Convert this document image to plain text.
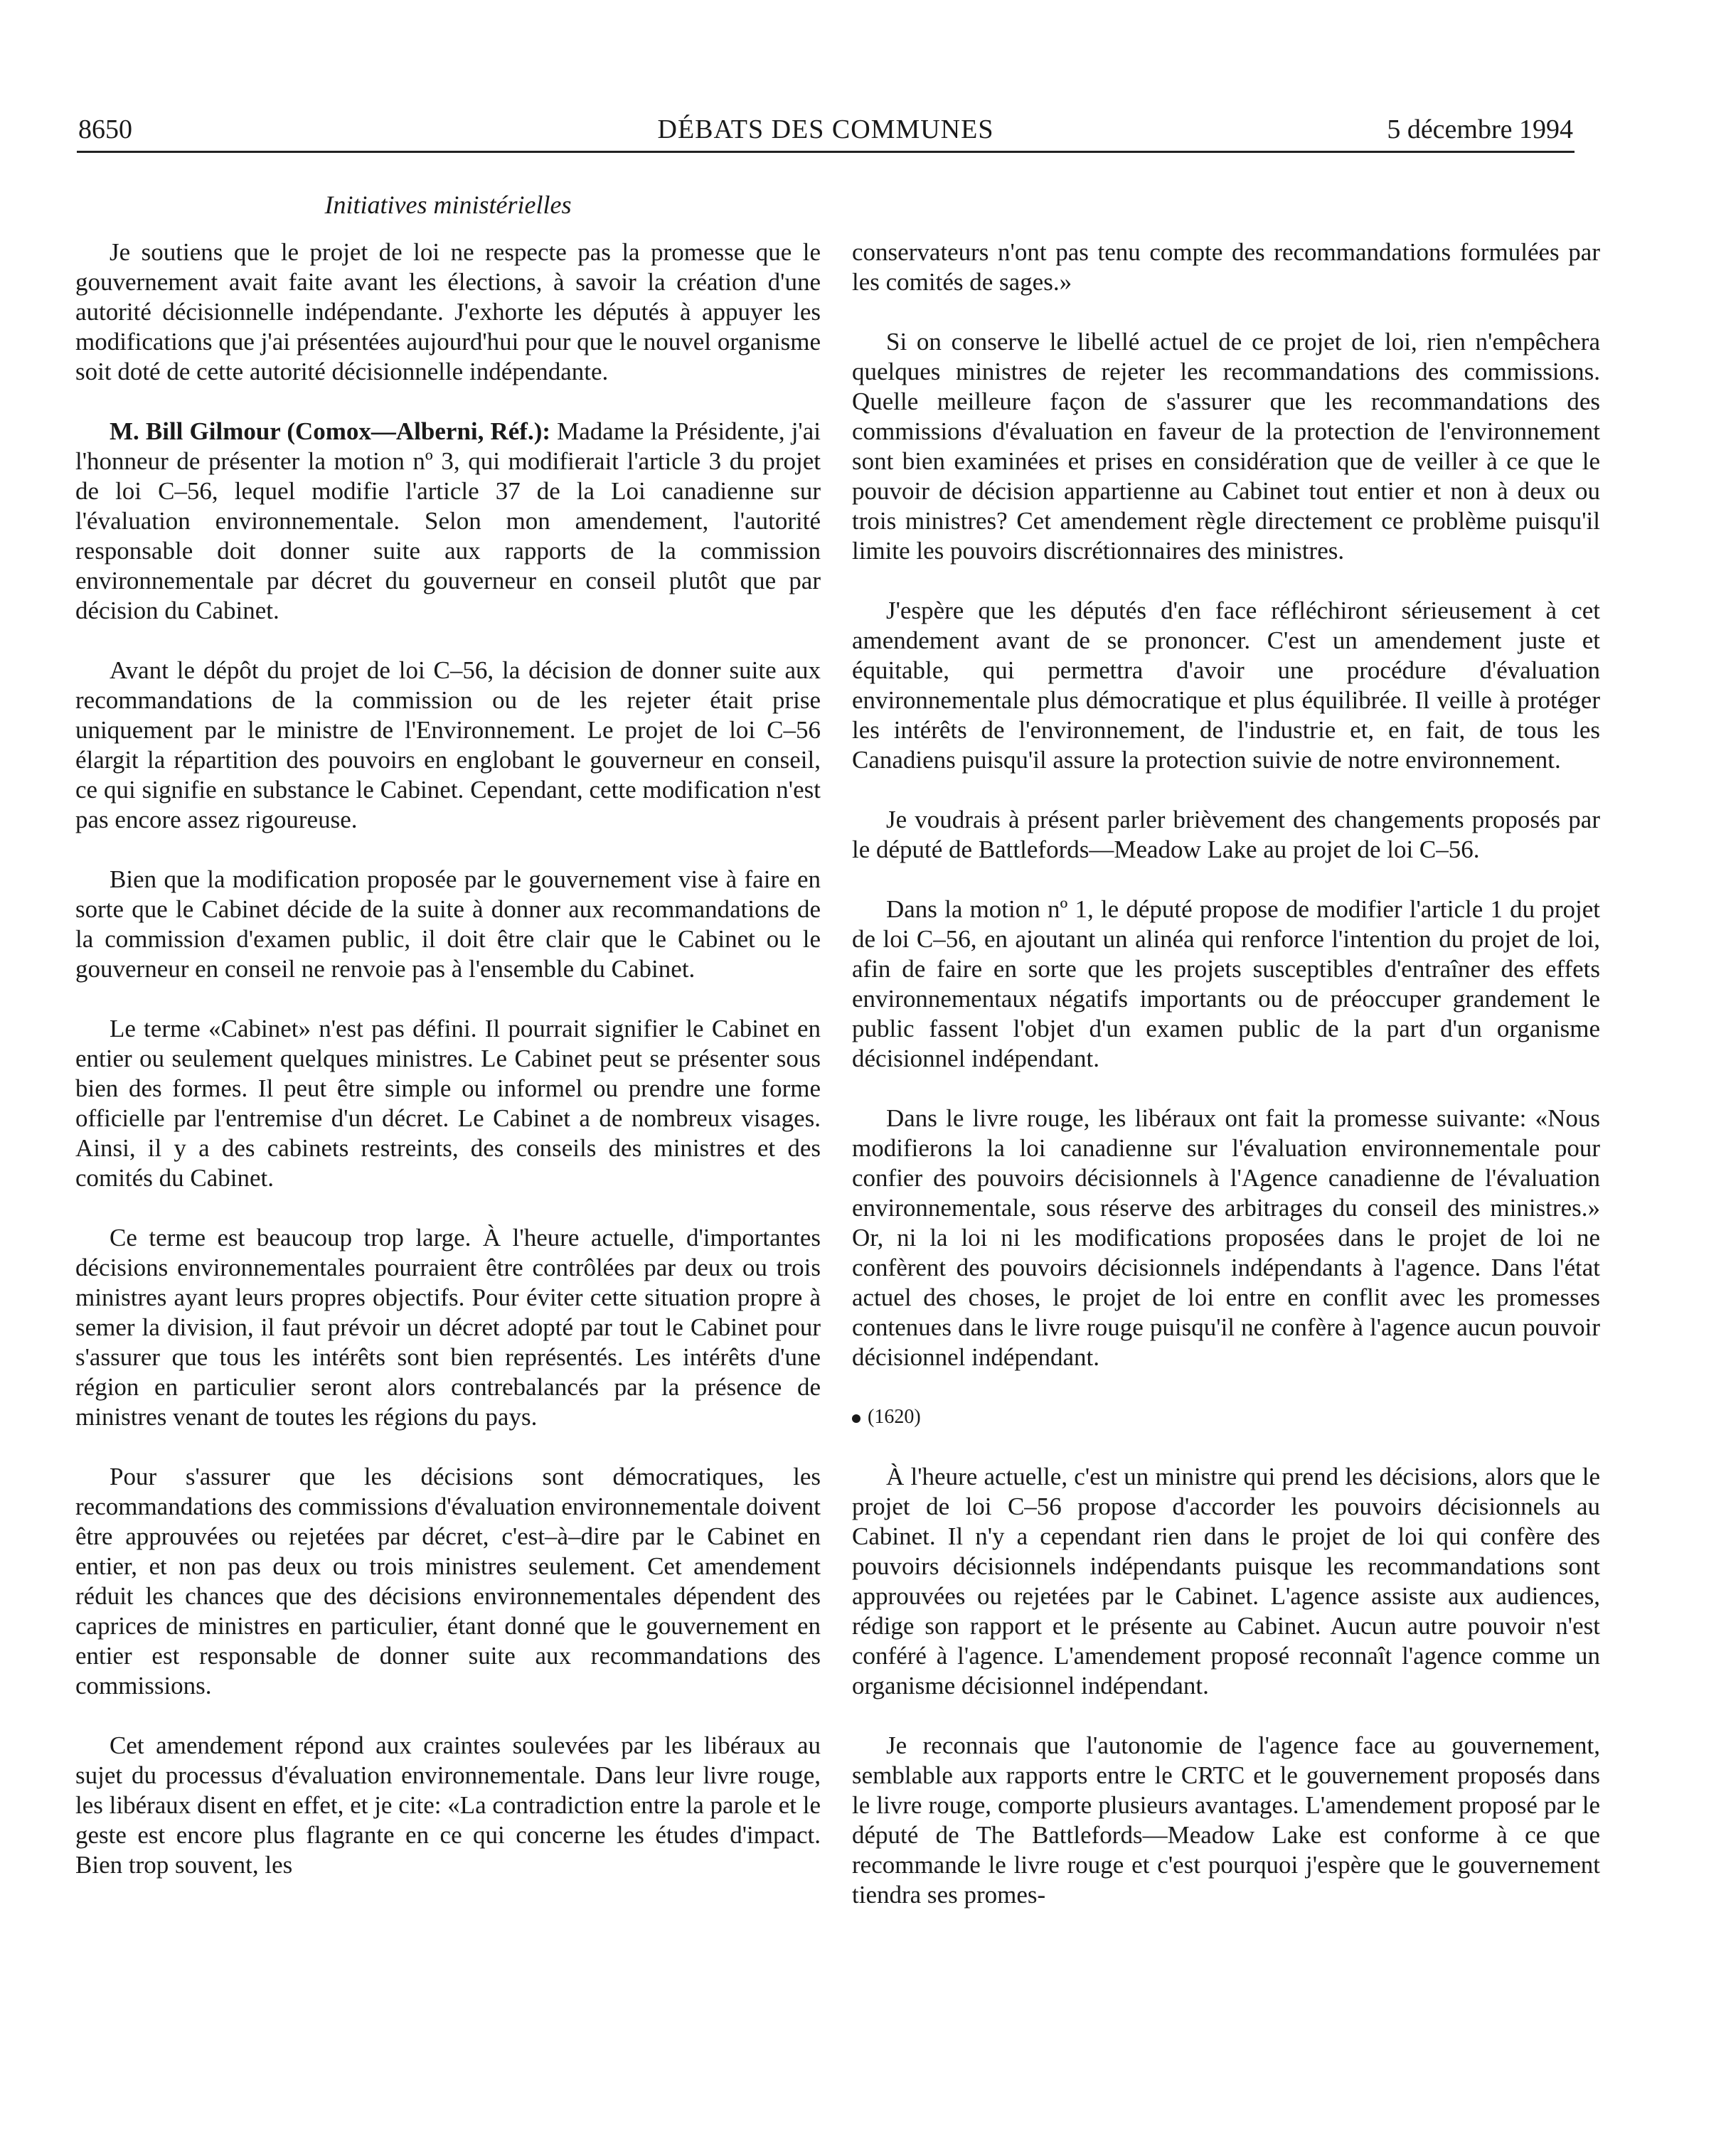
8650	DÉBATS DES COMMUNES	5 décembre 1994
Initiatives ministérielles

Je soutiens que le projet de loi ne respecte pas la promesse que le gouvernement avait faite avant les élections, à savoir la création d'une autorité décisionnelle indépendante. J'exhorte les députés à appuyer les modifications que j'ai présentées aujourd'hui pour que le nouvel organisme soit doté de cette autorité décisionnelle indépendante.

M. Bill Gilmour (Comox—Alberni, Réf.): Madame la Présidente, j'ai l'honneur de présenter la motion nº 3, qui modifierait l'article 3 du projet de loi C–56, lequel modifie l'article 37 de la Loi canadienne sur l'évaluation environnementale. Selon mon amendement, l'autorité responsable doit donner suite aux rapports de la commission environnementale par décret du gouverneur en conseil plutôt que par décision du Cabinet.

Avant le dépôt du projet de loi C–56, la décision de donner suite aux recommandations de la commission ou de les rejeter était prise uniquement par le ministre de l'Environnement. Le projet de loi C–56 élargit la répartition des pouvoirs en englobant le gouverneur en conseil, ce qui signifie en substance le Cabinet. Cependant, cette modification n'est pas encore assez rigoureuse.

Bien que la modification proposée par le gouvernement vise à faire en sorte que le Cabinet décide de la suite à donner aux recommandations de la commission d'examen public, il doit être clair que le Cabinet ou le gouverneur en conseil ne renvoie pas à l'ensemble du Cabinet.

Le terme «Cabinet» n'est pas défini. Il pourrait signifier le Cabinet en entier ou seulement quelques ministres. Le Cabinet peut se présenter sous bien des formes. Il peut être simple ou informel ou prendre une forme officielle par l'entremise d'un décret. Le Cabinet a de nombreux visages. Ainsi, il y a des cabinets restreints, des conseils des ministres et des comités du Cabinet.

Ce terme est beaucoup trop large. À l'heure actuelle, d'importantes décisions environnementales pourraient être contrôlées par deux ou trois ministres ayant leurs propres objectifs. Pour éviter cette situation propre à semer la division, il faut prévoir un décret adopté par tout le Cabinet pour s'assurer que tous les intérêts sont bien représentés. Les intérêts d'une région en particulier seront alors contrebalancés par la présence de ministres venant de toutes les régions du pays.

Pour s'assurer que les décisions sont démocratiques, les recommandations des commissions d'évaluation environnementale doivent être approuvées ou rejetées par décret, c'est–à–dire par le Cabinet en entier, et non pas deux ou trois ministres seulement. Cet amendement réduit les chances que des décisions environnementales dépendent des caprices de ministres en particulier, étant donné que le gouvernement en entier est responsable de donner suite aux recommandations des commissions.

Cet amendement répond aux craintes soulevées par les libéraux au sujet du processus d'évaluation environnementale. Dans leur livre rouge, les libéraux disent en effet, et je cite: «La contradiction entre la parole et le geste est encore plus flagrante en ce qui concerne les études d'impact. Bien trop souvent, les

conservateurs n'ont pas tenu compte des recommandations formulées par les comités de sages.»

Si on conserve le libellé actuel de ce projet de loi, rien n'empêchera quelques ministres de rejeter les recommandations des commissions. Quelle meilleure façon de s'assurer que les recommandations des commissions d'évaluation en faveur de la protection de l'environnement sont bien examinées et prises en considération que de veiller à ce que le pouvoir de décision appartienne au Cabinet tout entier et non à deux ou trois ministres? Cet amendement règle directement ce problème puisqu'il limite les pouvoirs discrétionnaires des ministres.

J'espère que les députés d'en face réfléchiront sérieusement à cet amendement avant de se prononcer. C'est un amendement juste et équitable, qui permettra d'avoir une procédure d'évaluation environnementale plus démocratique et plus équilibrée. Il veille à protéger les intérêts de l'environnement, de l'industrie et, en fait, de tous les Canadiens puisqu'il assure la protection suivie de notre environnement.

Je voudrais à présent parler brièvement des changements proposés par le député de Battlefords—Meadow Lake au projet de loi C–56.

Dans la motion nº 1, le député propose de modifier l'article 1 du projet de loi C–56, en ajoutant un alinéa qui renforce l'intention du projet de loi, afin de faire en sorte que les projets susceptibles d'entraîner des effets environnementaux négatifs importants ou de préoccuper grandement le public fassent l'objet d'un examen public de la part d'un organisme décisionnel indépendant.

Dans le livre rouge, les libéraux ont fait la promesse suivante: «Nous modifierons la loi canadienne sur l'évaluation environnementale pour confier des pouvoirs décisionnels à l'Agence canadienne de l'évaluation environnementale, sous réserve des arbitrages du conseil des ministres.» Or, ni la loi ni les modifications proposées dans le projet de loi ne confèrent des pouvoirs décisionnels indépendants à l'agence. Dans l'état actuel des choses, le projet de loi entre en conflit avec les promesses contenues dans le livre rouge puisqu'il ne confère à l'agence aucun pouvoir décisionnel indépendant.

(1620)

À l'heure actuelle, c'est un ministre qui prend les décisions, alors que le projet de loi C–56 propose d'accorder les pouvoirs décisionnels au Cabinet. Il n'y a cependant rien dans le projet de loi qui confère des pouvoirs décisionnels indépendants puisque les recommandations sont approuvées ou rejetées par le Cabinet. L'agence assiste aux audiences, rédige son rapport et le présente au Cabinet. Aucun autre pouvoir n'est conféré à l'agence. L'amendement proposé reconnaît l'agence comme un organisme décisionnel indépendant.

Je reconnais que l'autonomie de l'agence face au gouvernement, semblable aux rapports entre le CRTC et le gouvernement proposés dans le livre rouge, comporte plusieurs avantages. L'amendement proposé par le député de The Battlefords—Meadow Lake est conforme à ce que recommande le livre rouge et c'est pourquoi j'espère que le gouvernement tiendra ses promes-
